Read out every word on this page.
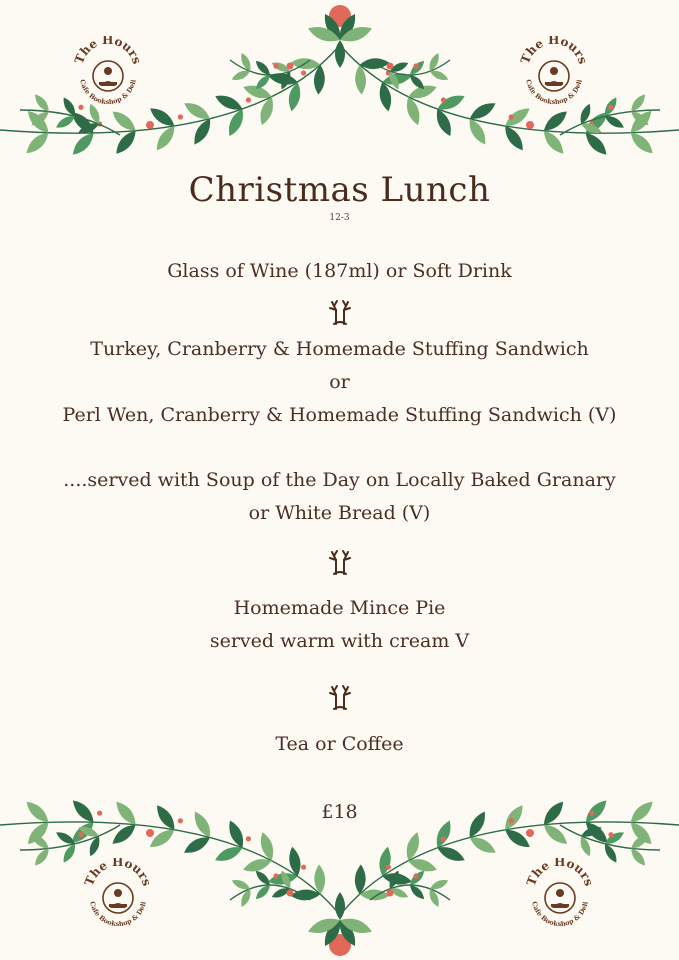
The Hours
Cafe Bookshop & Deli
The Hours
Cafe Bookshop & Deli
The Hours
Cafe Bookshop & Deli
The Hours
Cafe Bookshop & Deli
Christmas Lunch
12-3
Glass of Wine (187ml) or Soft Drink
Turkey, Cranberry & Homemade Stuffing Sandwich
or
Perl Wen, Cranberry & Homemade Stuffing Sandwich (V)
....served with Soup of the Day on Locally Baked Granary
or White Bread (V)
Homemade Mince Pie
served warm with cream V
Tea or Coffee
£18
